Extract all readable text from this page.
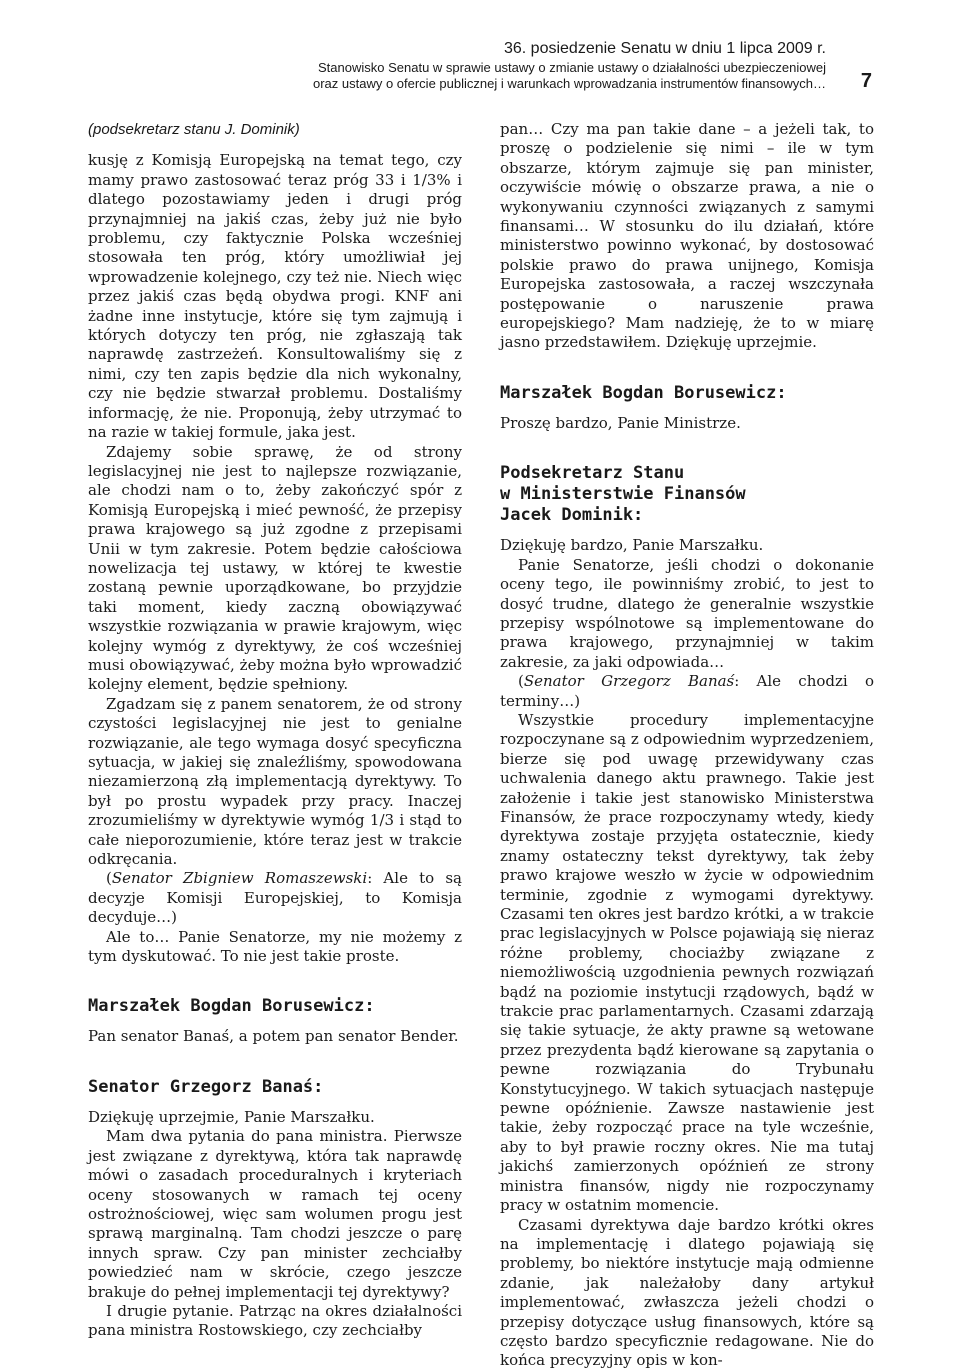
36. posiedzenie Senatu w dniu 1 lipca 2009 r.
Stanowisko Senatu w sprawie ustawy o zmianie ustawy o działalności ubezpieczeniowej
oraz ustawy o ofercie publicznej i warunkach wprowadzania instrumentów finansowych… 7
(podsekretarz stanu J. Dominik)

kusję z Komisją Europejską na temat tego, czy mamy prawo zastosować teraz próg 33 i 1/3% i dlatego pozostawiamy jeden i drugi próg przynajmniej na jakiś czas, żeby już nie było problemu, czy faktycznie Polska wcześniej stosowała ten próg, który umożliwiał jej wprowadzenie kolejnego, czy też nie. Niech więc przez jakiś czas będą obydwa progi. KNF ani żadne inne instytucje, które się tym zajmują i których dotyczy ten próg, nie zgłaszają tak naprawdę zastrzeżeń. Konsultowaliśmy się z nimi, czy ten zapis będzie dla nich wykonalny, czy nie będzie stwarzał problemu. Dostaliśmy informację, że nie. Proponują, żeby utrzymać to na razie w takiej formule, jaka jest.

Zdajemy sobie sprawę, że od strony legislacyjnej nie jest to najlepsze rozwiązanie, ale chodzi nam o to, żeby zakończyć spór z Komisją Europejską i mieć pewność, że przepisy prawa krajowego są już zgodne z przepisami Unii w tym zakresie. Potem będzie całościowa nowelizacja tej ustawy, w której te kwestie zostaną pewnie uporządkowane, bo przyjdzie taki moment, kiedy zaczną obowiązywać wszystkie rozwiązania w prawie krajowym, więc kolejny wymóg z dyrektywy, że coś wcześniej musi obowiązywać, żeby można było wprowadzić kolejny element, będzie spełniony.

Zgadzam się z panem senatorem, że od strony czystości legislacyjnej nie jest to genialne rozwiązanie, ale tego wymaga dosyć specyficzna sytuacja, w jakiej się znaleźliśmy, spowodowana niezamierzoną złą implementacją dyrektywy. To był po prostu wypadek przy pracy. Inaczej zrozumieliśmy w dyrektywie wymóg 1/3 i stąd to całe nieporozumienie, które teraz jest w trakcie odkręcania.

(Senator Zbigniew Romaszewski: Ale to są decyzje Komisji Europejskiej, to Komisja decyduje…)

Ale to… Panie Senatorze, my nie możemy z tym dyskutować. To nie jest takie proste.

Marszałek Bogdan Borusewicz:

Pan senator Banaś, a potem pan senator Bender.

Senator Grzegorz Banaś:

Dziękuję uprzejmie, Panie Marszałku.

Mam dwa pytania do pana ministra. Pierwsze jest związane z dyrektywą, która tak naprawdę mówi o zasadach proceduralnych i kryteriach oceny stosowanych w ramach tej oceny ostrożnościowej, więc sam wolumen progu jest sprawą marginalną. Tam chodzi jeszcze o parę innych spraw. Czy pan minister zechciałby powiedzieć nam w skrócie, czego jeszcze brakuje do pełnej implementacji tej dyrektywy?

I drugie pytanie. Patrząc na okres działalności pana ministra Rostowskiego, czy zechciałby

pan… Czy ma pan takie dane – a jeżeli tak, to proszę o podzielenie się nimi – ile w tym obszarze, którym zajmuje się pan minister, oczywiście mówię o obszarze prawa, a nie o wykonywaniu czynności związanych z samymi finansami… W stosunku do ilu działań, które ministerstwo powinno wykonać, by dostosować polskie prawo do prawa unijnego, Komisja Europejska zastosowała, a raczej wszczynała postępowanie o naruszenie prawa europejskiego? Mam nadzieję, że to w miarę jasno przedstawiłem. Dziękuję uprzejmie.

Marszałek Bogdan Borusewicz:

Proszę bardzo, Panie Ministrze.

Podsekretarz Stanu
w Ministerstwie Finansów
Jacek Dominik:

Dziękuję bardzo, Panie Marszałku.

Panie Senatorze, jeśli chodzi o dokonanie oceny tego, ile powinniśmy zrobić, to jest to dosyć trudne, dlatego że generalnie wszystkie przepisy wspólnotowe są implementowane do prawa krajowego, przynajmniej w takim zakresie, za jaki odpowiada…

(Senator Grzegorz Banaś: Ale chodzi o terminy…)

Wszystkie procedury implementacyjne rozpoczynane są z odpowiednim wyprzedzeniem, bierze się pod uwagę przewidywany czas uchwalenia danego aktu prawnego. Takie jest założenie i takie jest stanowisko Ministerstwa Finansów, że prace rozpoczynamy wtedy, kiedy dyrektywa zostaje przyjęta ostatecznie, kiedy znamy ostateczny tekst dyrektywy, tak żeby prawo krajowe weszło w życie w odpowiednim terminie, zgodnie z wymogami dyrektywy. Czasami ten okres jest bardzo krótki, a w trakcie prac legislacyjnych w Polsce pojawiają się nieraz różne problemy, chociażby związane z niemożliwością uzgodnienia pewnych rozwiązań bądź na poziomie instytucji rządowych, bądź w trakcie prac parlamentarnych. Czasami zdarzają się takie sytuacje, że akty prawne są wetowane przez prezydenta bądź kierowane są zapytania o pewne rozwiązania do Trybunału Konstytucyjnego. W takich sytuacjach następuje pewne opóźnienie. Zawsze nastawienie jest takie, żeby rozpocząć prace na tyle wcześnie, aby to był prawie roczny okres. Nie ma tutaj jakichś zamierzonych opóźnień ze strony ministra finansów, nigdy nie rozpoczynamy pracy w ostatnim momencie.

Czasami dyrektywa daje bardzo krótki okres na implementację i dlatego pojawiają się problemy, bo niektóre instytucje mają odmienne zdanie, jak należałoby dany artykuł implementować, zwłaszcza jeżeli chodzi o przepisy dotyczące usług finansowych, które są często bardzo specyficznie redagowane. Nie do końca precyzyjny opis w kon-
